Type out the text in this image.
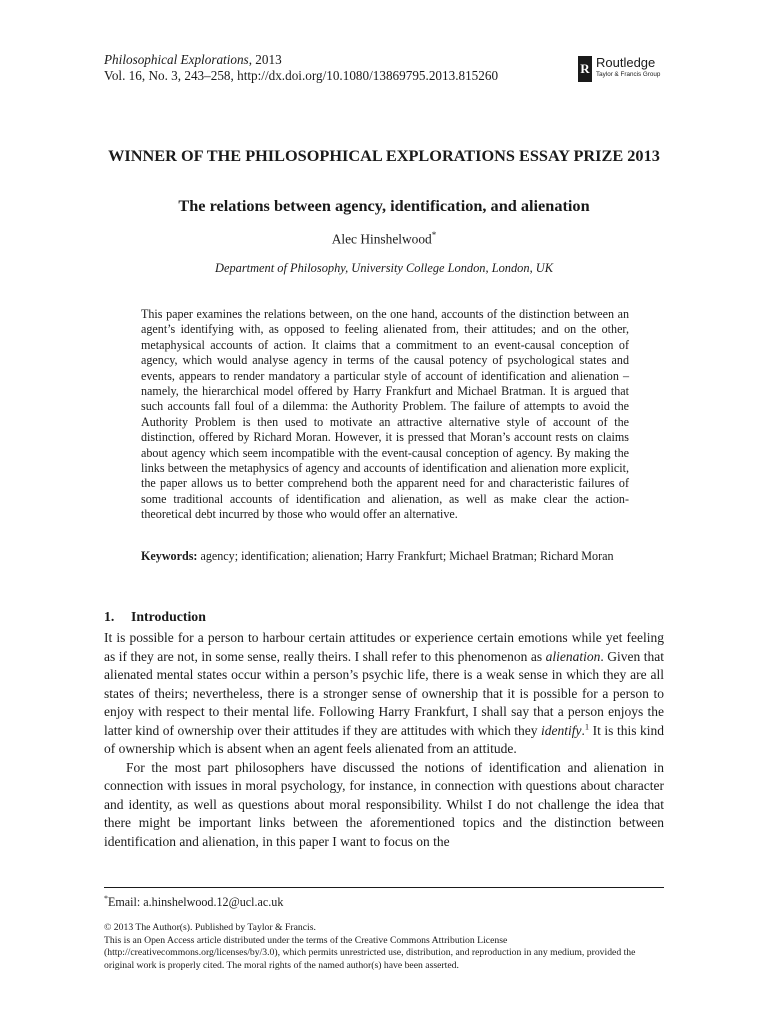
Philosophical Explorations, 2013
Vol. 16, No. 3, 243–258, http://dx.doi.org/10.1080/13869795.2013.815260	R Routledge
Taylor & Francis Group
WINNER OF THE PHILOSOPHICAL EXPLORATIONS ESSAY PRIZE 2013
The relations between agency, identification, and alienation
Alec Hinshelwood*
Department of Philosophy, University College London, London, UK
This paper examines the relations between, on the one hand, accounts of the distinction between an agent’s identifying with, as opposed to feeling alienated from, their attitudes; and on the other, metaphysical accounts of action. It claims that a commitment to an event-causal conception of agency, which would analyse agency in terms of the causal potency of psychological states and events, appears to render mandatory a particular style of account of identification and alienation – namely, the hierarchical model offered by Harry Frankfurt and Michael Bratman. It is argued that such accounts fall foul of a dilemma: the Authority Problem. The failure of attempts to avoid the Authority Problem is then used to motivate an attractive alternative style of account of the distinction, offered by Richard Moran. However, it is pressed that Moran’s account rests on claims about agency which seem incompatible with the event-causal conception of agency. By making the links between the metaphysics of agency and accounts of identification and alienation more explicit, the paper allows us to better comprehend both the apparent need for and characteristic failures of some traditional accounts of identification and alienation, as well as make clear the action-theoretical debt incurred by those who would offer an alternative.
Keywords: agency; identification; alienation; Harry Frankfurt; Michael Bratman; Richard Moran
1. Introduction

It is possible for a person to harbour certain attitudes or experience certain emotions while yet feeling as if they are not, in some sense, really theirs. I shall refer to this phenomenon as alienation. Given that alienated mental states occur within a person’s psychic life, there is a weak sense in which they are all states of theirs; nevertheless, there is a stronger sense of ownership that it is possible for a person to enjoy with respect to their mental life. Following Harry Frankfurt, I shall say that a person enjoys the latter kind of ownership over their attitudes if they are attitudes with which they identify.$^1$ It is this kind of ownership which is absent when an agent feels alienated from an attitude.

For the most part philosophers have discussed the notions of identification and alienation in connection with issues in moral psychology, for instance, in connection with questions about character and identity, as well as questions about moral responsibility. Whilst I do not challenge the idea that there might be important links between the aforementioned topics and the distinction between identification and alienation, in this paper I want to focus on the

*Email: a.hinshelwood.12@ucl.ac.uk
© 2013 The Author(s). Published by Taylor & Francis.
This is an Open Access article distributed under the terms of the Creative Commons Attribution License (http://creativecommons.org/licenses/by/3.0), which permits unrestricted use, distribution, and reproduction in any medium, provided the original work is properly cited. The moral rights of the named author(s) have been asserted.
